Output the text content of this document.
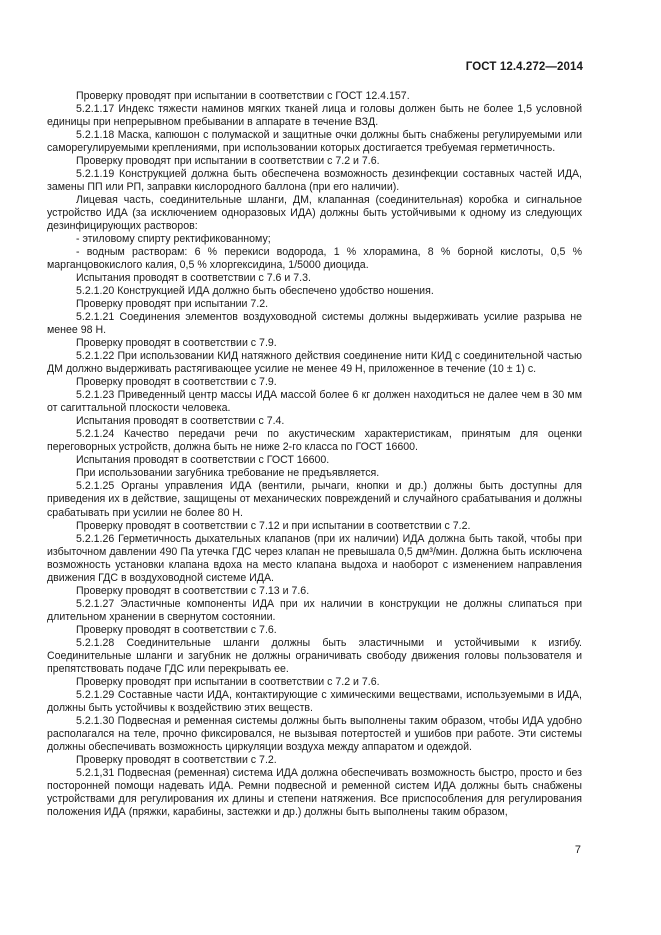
ГОСТ 12.4.272—2014

Проверку проводят при испытании в соответствии с ГОСТ 12.4.157.

5.2.1.17 Индекс тяжести наминов мягких тканей лица и головы должен быть не более 1,5 условной единицы при непрерывном пребывании в аппарате в течение ВЗД.

5.2.1.18 Маска, капюшон с полумаской и защитные очки должны быть снабжены регулируемыми или саморегулируемыми креплениями, при использовании которых достигается требуемая герметичность.

Проверку проводят при испытании в соответствии с 7.2 и 7.6.

5.2.1.19 Конструкцией должна быть обеспечена возможность дезинфекции составных частей ИДА, замены ПП или РП, заправки кислородного баллона (при его наличии).

Лицевая часть, соединительные шланги, ДМ, клапанная (соединительная) коробка и сигнальное устройство ИДА (за исключением одноразовых ИДА) должны быть устойчивыми к одному из следующих дезинфицирующих растворов:

- этиловому спирту ректификованному;

- водным растворам: 6 % перекиси водорода, 1 % хлорамина, 8 % борной кислоты, 0,5 % марганцовокислого калия, 0,5 % хлоргексидина, 1/5000 диоцида.

Испытания проводят в соответствии с 7.6 и 7.3.

5.2.1.20 Конструкцией ИДА должно быть обеспечено удобство ношения.

Проверку проводят при испытании 7.2.

5.2.1.21 Соединения элементов воздуховодной системы должны выдерживать усилие разрыва не менее 98 Н.

Проверку проводят в соответствии с 7.9.

5.2.1.22 При использовании КИД натяжного действия соединение нити КИД с соединительной частью ДМ должно выдерживать растягивающее усилие не менее 49 Н, приложенное в течение (10 ± 1) с.

Проверку проводят в соответствии с 7.9.

5.2.1.23 Приведенный центр массы ИДА массой более 6 кг должен находиться не далее чем в 30 мм от сагиттальной плоскости человека.

Испытания проводят в соответствии с 7.4.

5.2.1.24 Качество передачи речи по акустическим характеристикам, принятым для оценки переговорных устройств, должна быть не ниже 2-го класса по ГОСТ 16600.

Испытания проводят в соответствии с ГОСТ 16600.

При использовании загубника требование не предъявляется.

5.2.1.25 Органы управления ИДА (вентили, рычаги, кнопки и др.) должны быть доступны для приведения их в действие, защищены от механических повреждений и случайного срабатывания и должны срабатывать при усилии не более 80 Н.

Проверку проводят в соответствии с 7.12 и при испытании в соответствии с 7.2.

5.2.1.26 Герметичность дыхательных клапанов (при их наличии) ИДА должна быть такой, чтобы при избыточном давлении 490 Па утечка ГДС через клапан не превышала 0,5 дм³/мин. Должна быть исключена возможность установки клапана вдоха на место клапана выдоха и наоборот с изменением направления движения ГДС в воздуховодной системе ИДА.

Проверку проводят в соответствии с 7.13 и 7.6.

5.2.1.27 Эластичные компоненты ИДА при их наличии в конструкции не должны слипаться при длительном хранении в свернутом состоянии.

Проверку проводят в соответствии с 7.6.

5.2.1.28 Соединительные шланги должны быть эластичными и устойчивыми к изгибу. Соединительные шланги и загубник не должны ограничивать свободу движения головы пользователя и препятствовать подаче ГДС или перекрывать ее.

Проверку проводят при испытании в соответствии с 7.2 и 7.6.

5.2.1.29 Составные части ИДА, контактирующие с химическими веществами, используемыми в ИДА, должны быть устойчивы к воздействию этих веществ.

5.2.1.30 Подвесная и ременная системы должны быть выполнены таким образом, чтобы ИДА удобно располагался на теле, прочно фиксировался, не вызывая потертостей и ушибов при работе. Эти системы должны обеспечивать возможность циркуляции воздуха между аппаратом и одеждой.

Проверку проводят в соответствии с 7.2.

5.2.1,31 Подвесная (ременная) система ИДА должна обеспечивать возможность быстро, просто и без посторонней помощи надевать ИДА. Ремни подвесной и ременной систем ИДА должны быть снабжены устройствами для регулирования их длины и степени натяжения. Все приспособления для регулирования положения ИДА (пряжки, карабины, застежки и др.) должны быть выполнены таким образом,

7
